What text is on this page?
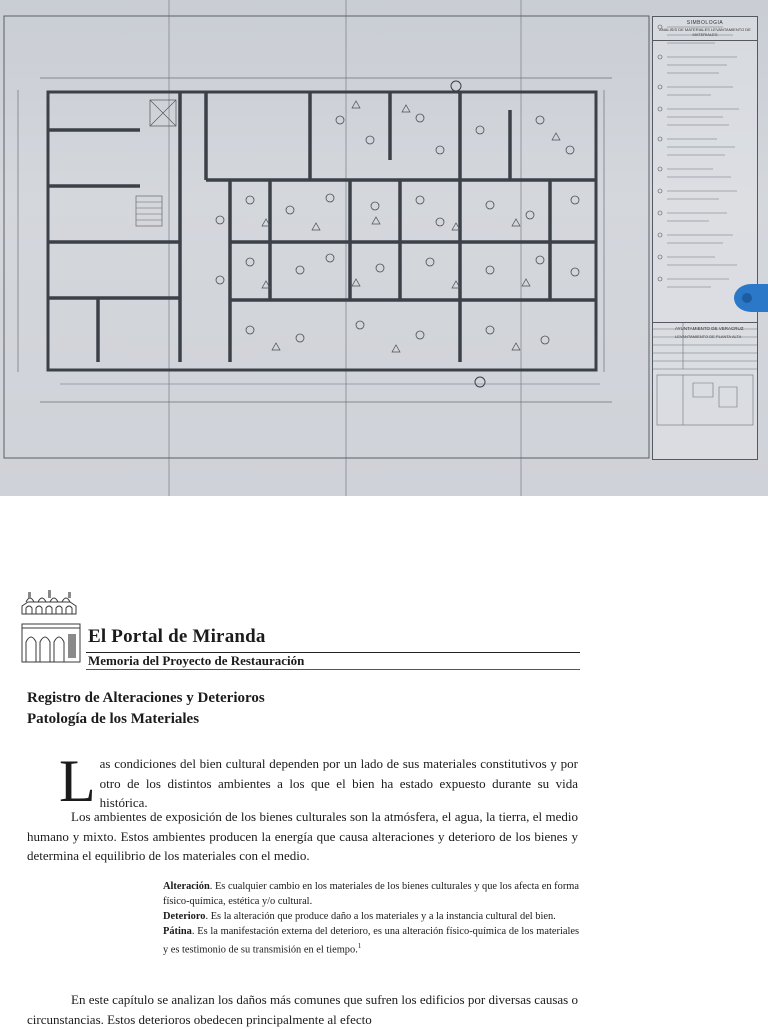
SIMBOLOGIA
ANALISIS DE MATERIALES LEVANTAMIENTO DE MATERIALES
AYUNTAMIENTO DE VERACRUZ
LEVANTAMIENTO DE PLANTA ALTA
El Portal de Miranda
Memoria del Proyecto de Restauración
Registro de Alteraciones y Deterioros
Patología de los Materiales

Las condiciones del bien cultural dependen por un lado de sus materiales constitutivos y por otro de los distintos ambientes a los que el bien ha estado expuesto durante su vida histórica.

Los ambientes de exposición de los bienes culturales son la atmósfera, el agua, la tierra, el medio humano y mixto. Estos ambientes producen la energía que causa alteraciones y deterioro de los bienes y determina el equilibrio de los materiales con el medio.

Alteración. Es cualquier cambio en los materiales de los bienes culturales y que los afecta en forma físico-química, estética y/o cultural.

Deterioro. Es la alteración que produce daño a los materiales y a la instancia cultural del bien.

Pátina. Es la manifestación externa del deterioro, es una alteración físico-química de los materiales y es testimonio de su transmisión en el tiempo.$^1$

En este capítulo se analizan los daños más comunes que sufren los edificios por diversas causas o circunstancias. Estos deterioros obedecen principalmente al efecto
